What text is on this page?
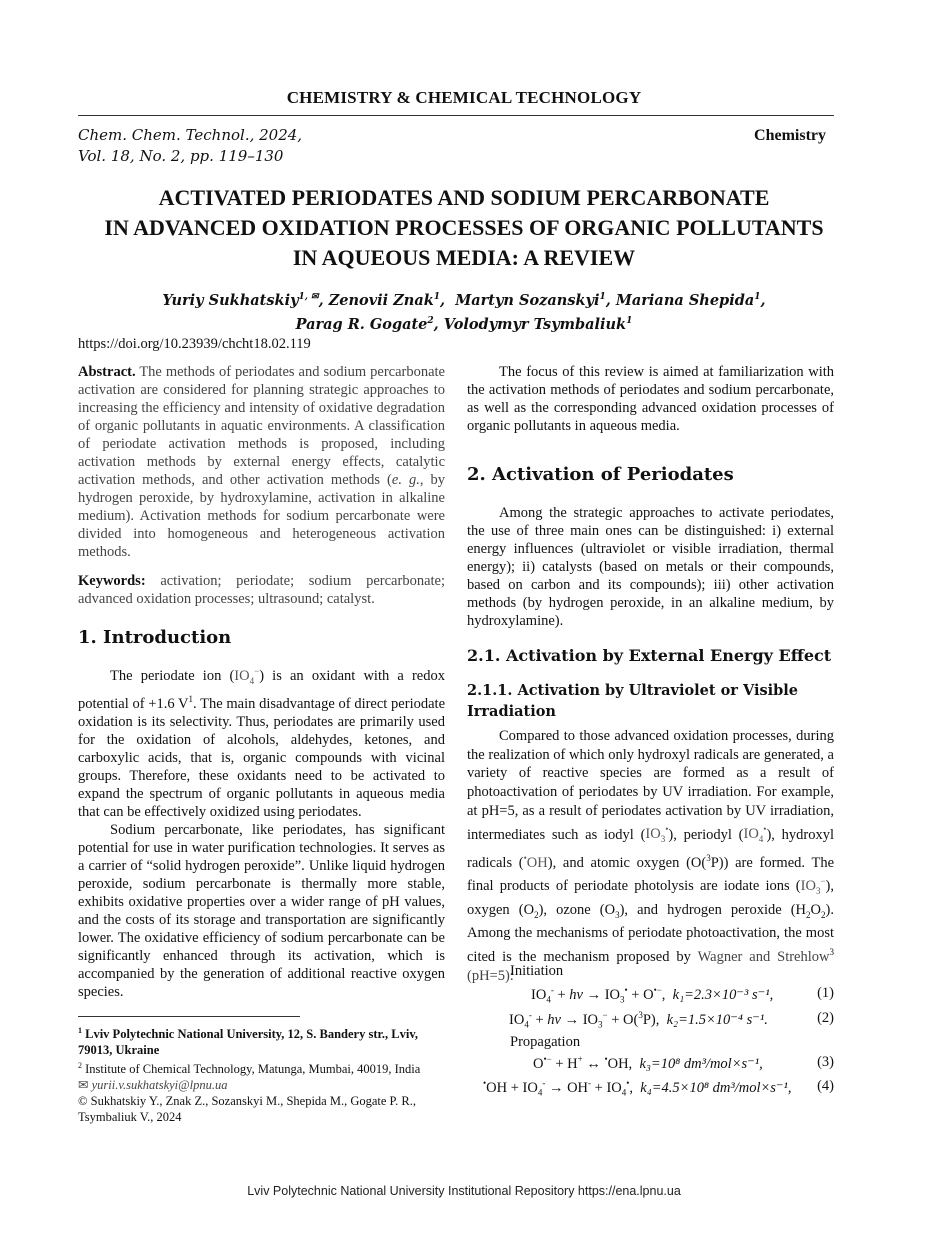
CHEMISTRY & CHEMICAL TECHNOLOGY
Chem. Chem. Technol., 2024,
Vol. 18, No. 2, pp. 119–130
Chemistry
ACTIVATED PERIODATES AND SODIUM PERCARBONATE
IN ADVANCED OXIDATION PROCESSES OF ORGANIC POLLUTANTS
IN AQUEOUS MEDIA: A REVIEW
Yuriy Sukhatskiy$^{1, ✉}$, Zenovii Znak$^1$,  Martyn Sozanskyi$^1$, Mariana Shepida$^1$,
Parag R. Gogate$^2$, Volodymyr Tsymbaliuk$^1$
https://doi.org/10.23939/chcht18.02.119
Abstract. The methods of periodates and sodium percarbonate activation are considered for planning strategic approaches to increasing the efficiency and intensity of oxidative degradation of organic pollutants in aquatic environments. A classification of periodate activation methods is proposed, including activation methods by external energy effects, catalytic activation methods, and other activation methods (e. g., by hydrogen peroxide, by hydroxylamine, activation in alkaline medium). Activation methods for sodium percarbonate were divided into homogeneous and heterogeneous activation methods.
Keywords: activation; periodate; sodium percarbonate; advanced oxidation processes; ultrasound; catalyst.
1. Introduction

The periodate ion $(IO_4^-)$ is an oxidant with a redox potential of +1.6 $V^1$. The main disadvantage of direct periodate oxidation is its selectivity. Thus, periodates are primarily used for the oxidation of alcohols, aldehydes, ketones, and carboxylic acids, that is, organic compounds with vicinal groups. Therefore, these oxidants need to be activated to expand the spectrum of organic pollutants in aqueous media that can be effectively oxidized using periodates.

Sodium percarbonate, like periodates, has significant potential for use in water purification technologies. It serves as a carrier of “solid hydrogen peroxide”. Unlike liquid hydrogen peroxide, sodium percarbonate is thermally more stable, exhibits oxidative properties over a wider range of pH values, and the costs of its storage and transportation are significantly lower. The oxidative efficiency of sodium percarbonate can be significantly enhanced through its activation, which is accompanied by the generation of additional reactive oxygen species.

$^1$ Lviv Polytechnic National University, 12, S. Bandery str., Lviv, 79013, Ukraine
$^2$ Institute of Chemical Technology, Matunga, Mumbai, 40019, India
✉ yurii.v.sukhatskyi@lpnu.ua
© Sukhatskiy Y., Znak Z., Sozanskyi M., Shepida M., Gogate P. R., Tsymbaliuk V., 2024

The focus of this review is aimed at familiarization with the activation methods of periodates and sodium percarbonate, as well as the corresponding advanced oxidation processes of organic pollutants in aqueous media.

2. Activation of Periodates

Among the strategic approaches to activate periodates, the use of three main ones can be distinguished: i) external energy influences (ultraviolet or visible irradiation, thermal energy); ii) catalysts (based on metals or their compounds, based on carbon and its compounds); iii) other activation methods (by hydrogen peroxide, in an alkaline medium, by hydroxylamine).

2.1. Activation by External Energy Effect
2.1.1. Activation by Ultraviolet or Visible Irradiation

Compared to those advanced oxidation processes, during the realization of which only hydroxyl radicals are generated, a variety of reactive species are formed as a result of photoactivation of periodates by UV irradiation. For example, at pH=5, as a result of periodates activation by UV irradiation, intermediates such as iodyl $(IO_3^•)$, periodyl $(IO_4^•)$, hydroxyl radicals (•OH), and atomic oxygen (O($^3$P)) are formed. The final products of periodate photolysis are iodate ions $(IO_3^-)$, oxygen $(O_2)$, ozone $(O_3)$, and hydrogen peroxide $(H_2O_2)$. Among the mechanisms of periodate photoactivation, the most cited is the mechanism proposed by Wagner and Strehlow$^3$ (pH=5):

Initiation
$IO_4^- + h\nu \to IO_3^• + O^{•-}$,  k₁=2.3×10⁻³ s⁻¹,	(1)
$IO_4^- + h\nu \to IO_3^- + O(^3P)$,  k₂=1.5×10⁻⁴ s⁻¹.	(2)
Propagation
O•− + H+ ↔ •OH,  k₃=10⁸ dm³/mol×s⁻¹,	(3)
$^•OH + IO_4^- \to OH^- + IO_4^•$,  k₄=4.5×10⁸ dm³/mol×s⁻¹, (4)
Lviv Polytechnic National University Institutional Repository https://ena.lpnu.ua
